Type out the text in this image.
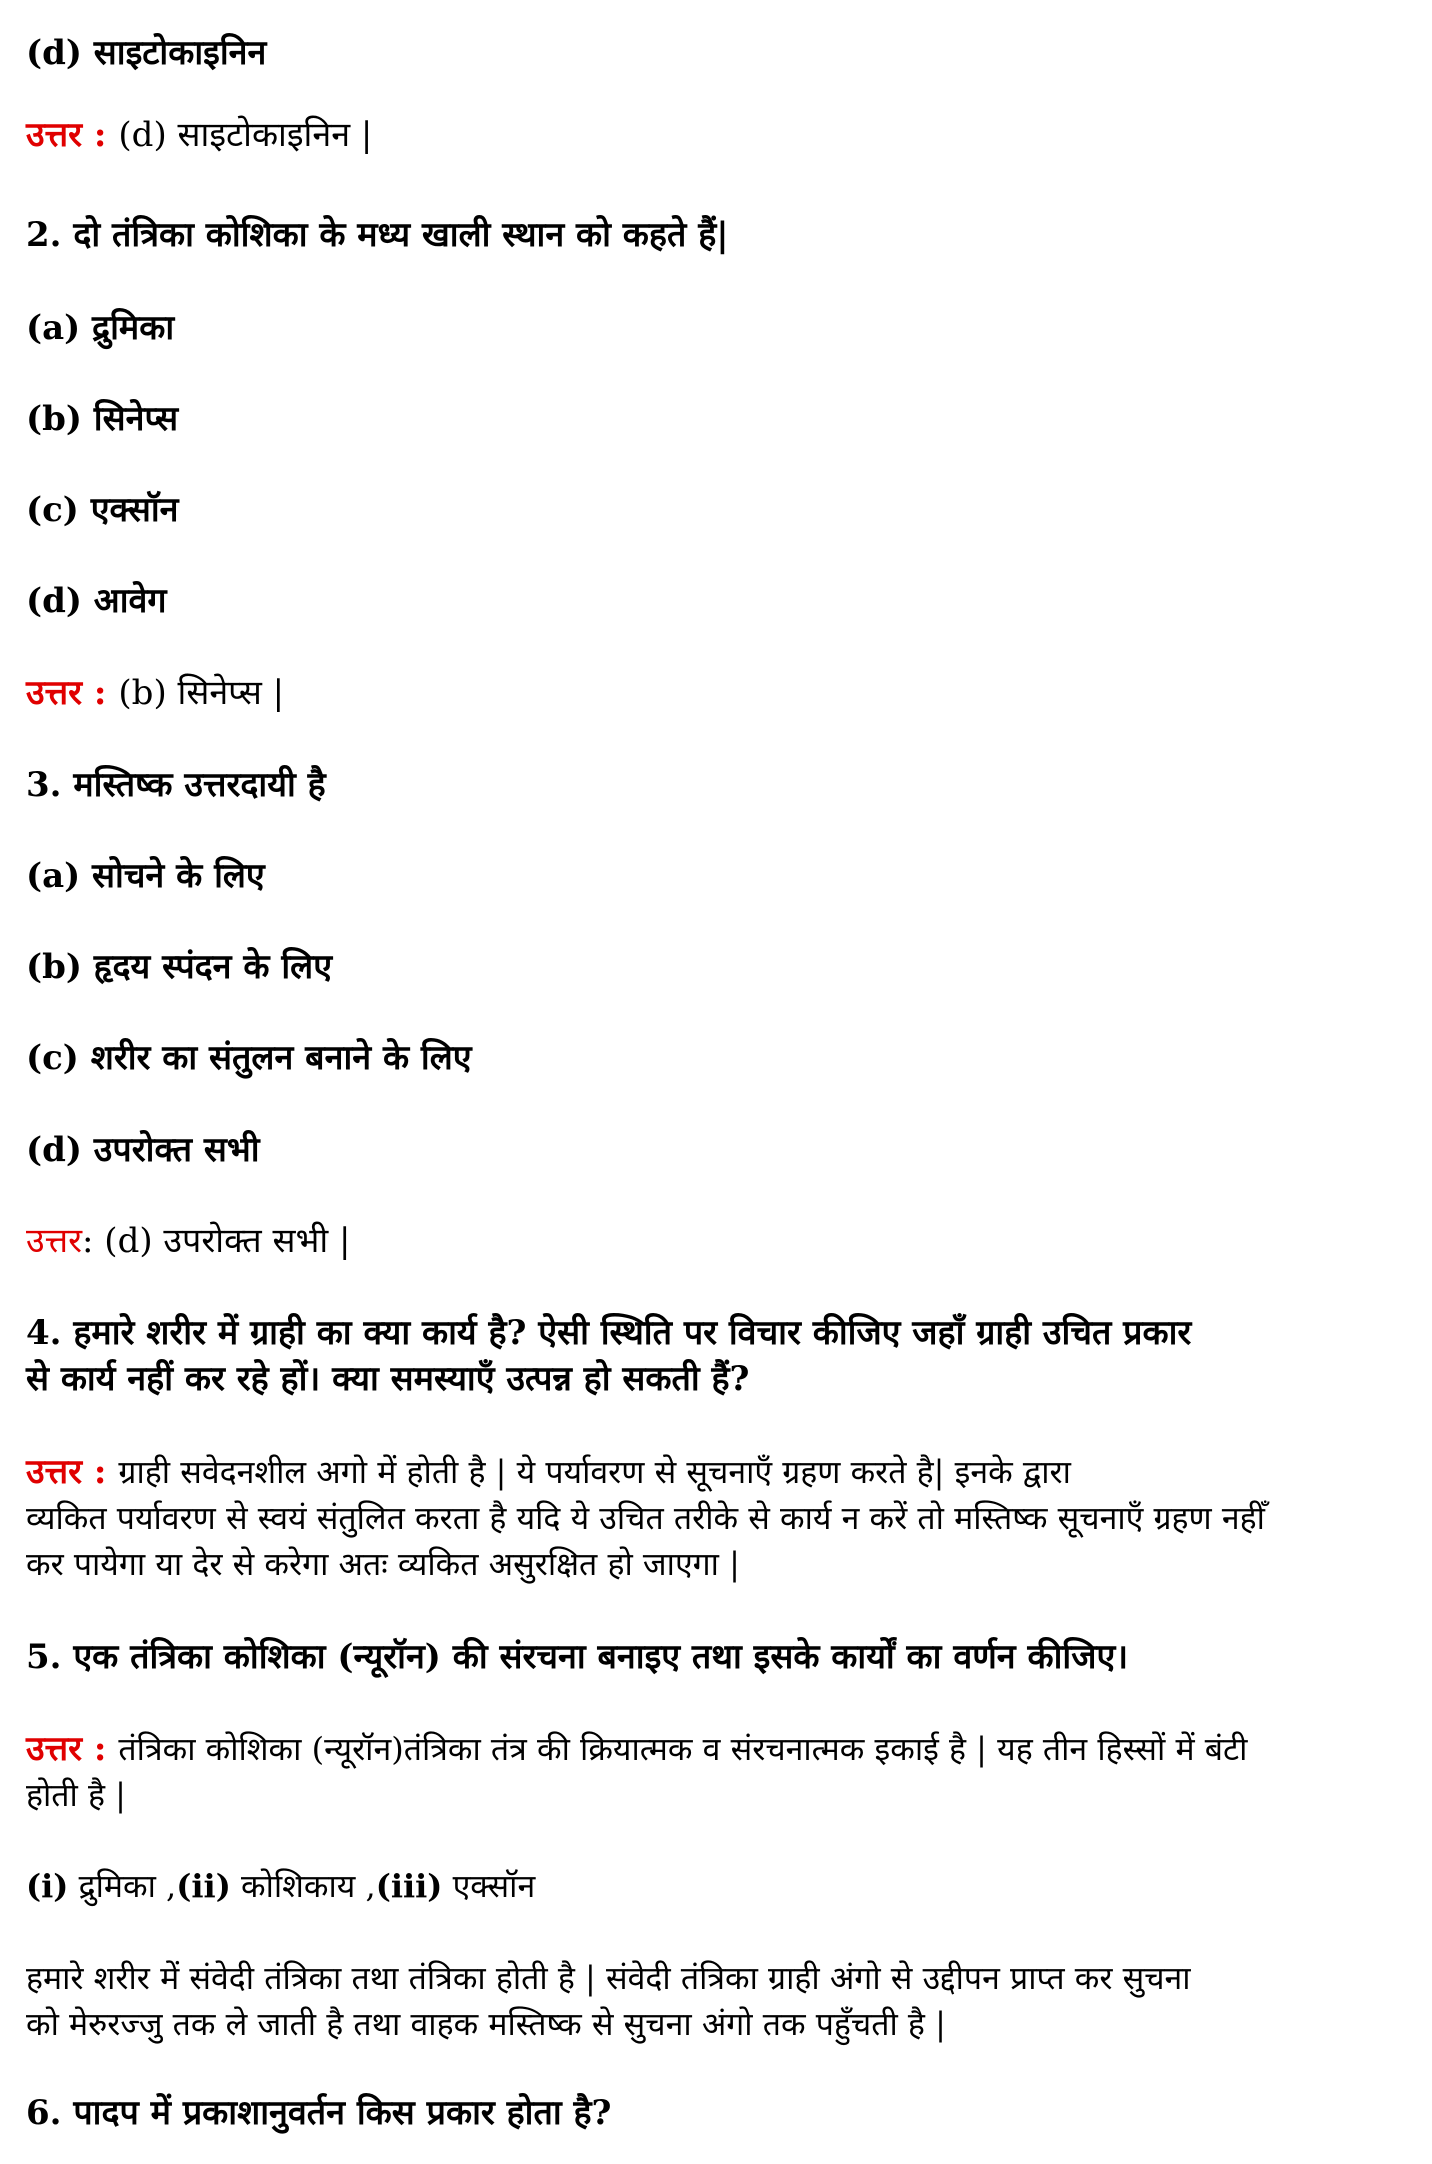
(d) साइटोकाइनिन
उत्तर : (d) साइटोकाइनिन |
2. दो तंत्रिका कोशिका के मध्य खाली स्थान को कहते हैं|
(a) द्रुमिका
(b) सिनेप्स
(c) एक्सॉन
(d) आवेग
उत्तर : (b) सिनेप्स |
3. मस्तिष्क उत्तरदायी है
(a) सोचने के लिए
(b) हृदय स्पंदन के लिए
(c) शरीर का संतुलन बनाने के लिए
(d) उपरोक्त सभी
उत्तर: (d) उपरोक्त सभी |
4. हमारे शरीर में ग्राही का क्या कार्य है? ऐसी स्थिति पर विचार कीजिए जहाँ ग्राही उचित प्रकार
से कार्य नहीं कर रहे हों। क्या समस्याएँ उत्पन्न हो सकती हैं?
उत्तर : ग्राही सवेदनशील अगो में होती है | ये पर्यावरण से सूचनाएँ ग्रहण करते है| इनके द्वारा
व्यकित पर्यावरण से स्वयं संतुलित करता है यदि ये उचित तरीके से कार्य न करें तो मस्तिष्क सूचनाएँ ग्रहण नहीँ
कर पायेगा या देर से करेगा अतः व्यकित असुरक्षित हो जाएगा |
5. एक तंत्रिका कोशिका (न्यूरॉन) की संरचना बनाइए तथा इसके कार्यों का वर्णन कीजिए।
उत्तर : तंत्रिका कोशिका (न्यूरॉन)तंत्रिका तंत्र की क्रियात्मक व संरचनात्मक इकाई है | यह तीन हिस्सों में बंटी
होती है |
(i) द्रुमिका ,(ii) कोशिकाय ,(iii) एक्सॉन
हमारे शरीर में संवेदी तंत्रिका तथा तंत्रिका होती है | संवेदी तंत्रिका ग्राही अंगो से उद्दीपन प्राप्त कर सुचना
को मेरुरज्जु तक ले जाती है तथा वाहक मस्तिष्क से सुचना अंगो तक पहुँचती है |
6. पादप में प्रकाशानुवर्तन किस प्रकार होता है?
